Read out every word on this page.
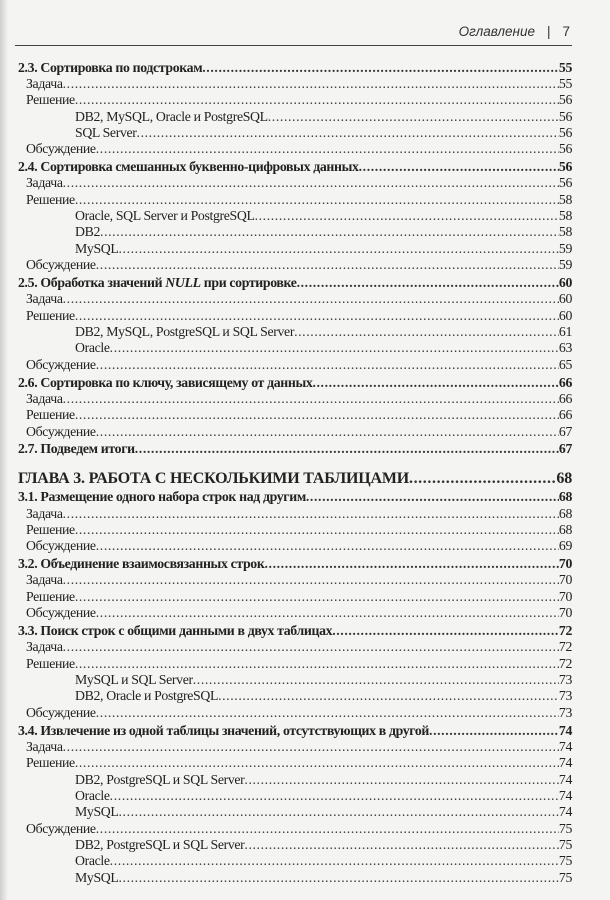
Оглавление | 7
2.3. Сортировка по подстрокам .....	55
Задача .....	55
Решение .....	56
DB2, MySQL, Oracle и PostgreSQL .....	56
SQL Server .....	56
Обсуждение .....	56
2.4. Сортировка смешанных буквенно-цифровых данных .....	56
Задача .....	56
Решение .....	58
Oracle, SQL Server и PostgreSQL .....	58
DB2 .....	58
MySQL .....	59
Обсуждение .....	59
2.5. Обработка значений NULL при сортировке .....	60
Задача .....	60
Решение .....	60
DB2, MySQL, PostgreSQL и SQL Server .....	61
Oracle .....	63
Обсуждение .....	65
2.6. Сортировка по ключу, зависящему от данных .....	66
Задача .....	66
Решение .....	66
Обсуждение .....	67
2.7. Подведем итоги .....	67
ГЛАВА 3. РАБОТА С НЕСКОЛЬКИМИ ТАБЛИЦАМИ .....	68
3.1. Размещение одного набора строк над другим .....	68
Задача .....	68
Решение .....	68
Обсуждение .....	69
3.2. Объединение взаимосвязанных строк .....	70
Задача .....	70
Решение .....	70
Обсуждение .....	70
3.3. Поиск строк с общими данными в двух таблицах .....	72
Задача .....	72
Решение .....	72
MySQL и SQL Server .....	73
DB2, Oracle и PostgreSQL .....	73
Обсуждение .....	73
3.4. Извлечение из одной таблицы значений, отсутствующих в другой .....	74
Задача .....	74
Решение .....	74
DB2, PostgreSQL и SQL Server .....	74
Oracle .....	74
MySQL .....	74
Обсуждение .....	75
DB2, PostgreSQL и SQL Server .....	75
Oracle .....	75
MySQL .....	75
